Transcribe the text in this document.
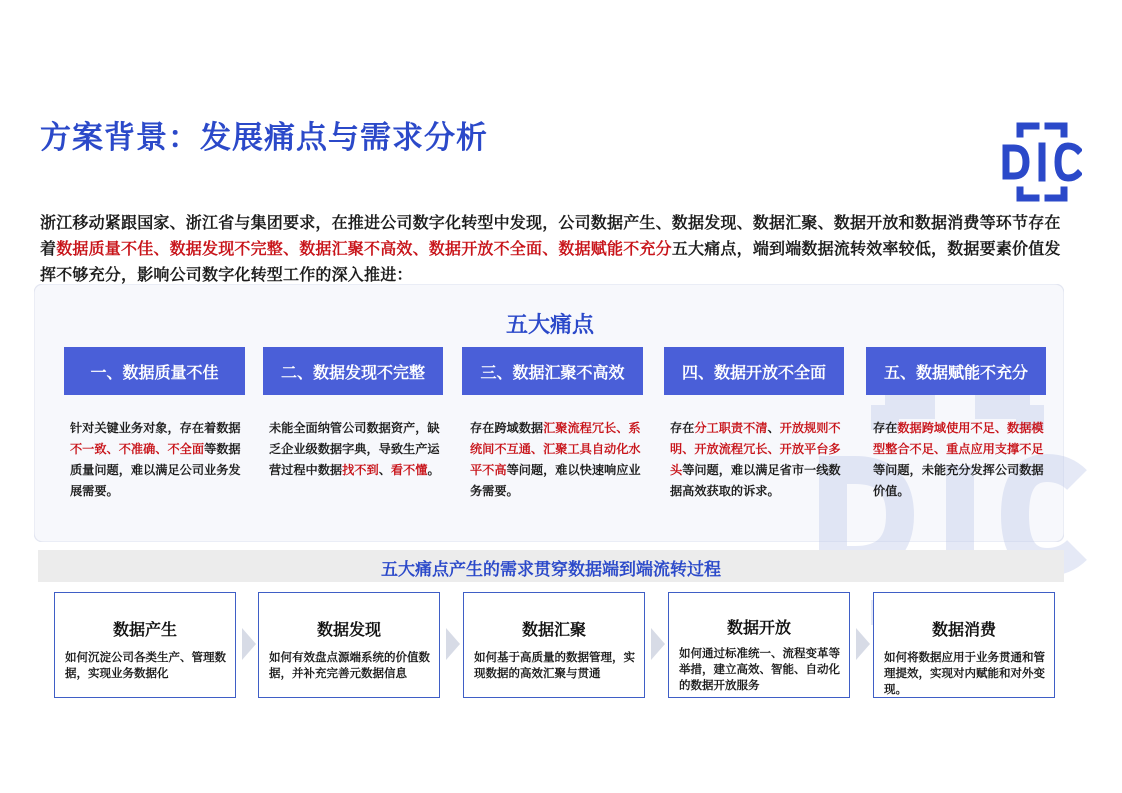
方案背景：发展痛点与需求分析
浙江移动紧跟国家、浙江省与集团要求，在推进公司数字化转型中发现，公司数据产生、数据发现、数据汇聚、数据开放和数据消费等环节存在着数据质量不佳、数据发现不完整、数据汇聚不高效、数据开放不全面、数据赋能不充分五大痛点，端到端数据流转效率较低，数据要素价值发挥不够充分，影响公司数字化转型工作的深入推进：
五大痛点
一、数据质量不佳	二、数据发现不完整	三、数据汇聚不高效	四、数据开放不全面	五、数据赋能不充分
针对关键业务对象，存在着数据不一致、不准确、不全面等数据质量问题，难以满足公司业务发展需要。
未能全面纳管公司数据资产，缺乏企业级数据字典，导致生产运营过程中数据找不到、看不懂。
存在跨域数据汇聚流程冗长、系统间不互通、汇聚工具自动化水平不高等问题，难以快速响应业务需要。
存在分工职责不清、开放规则不明、开放流程冗长、开放平台多头等问题，难以满足省市一线数据高效获取的诉求。
存在数据跨域使用不足、数据模型整合不足、重点应用支撑不足等问题，未能充分发挥公司数据价值。
五大痛点产生的需求贯穿数据端到端流转过程
数据产生
如何沉淀公司各类生产、管理数据，实现业务数据化
数据发现
如何有效盘点源端系统的价值数据，并补充完善元数据信息
数据汇聚
如何基于高质量的数据管理，实现数据的高效汇聚与贯通
数据开放
如何通过标准统一、流程变革等举措，建立高效、智能、自动化的数据开放服务
数据消费
如何将数据应用于业务贯通和管理提效，实现对内赋能和对外变现。
